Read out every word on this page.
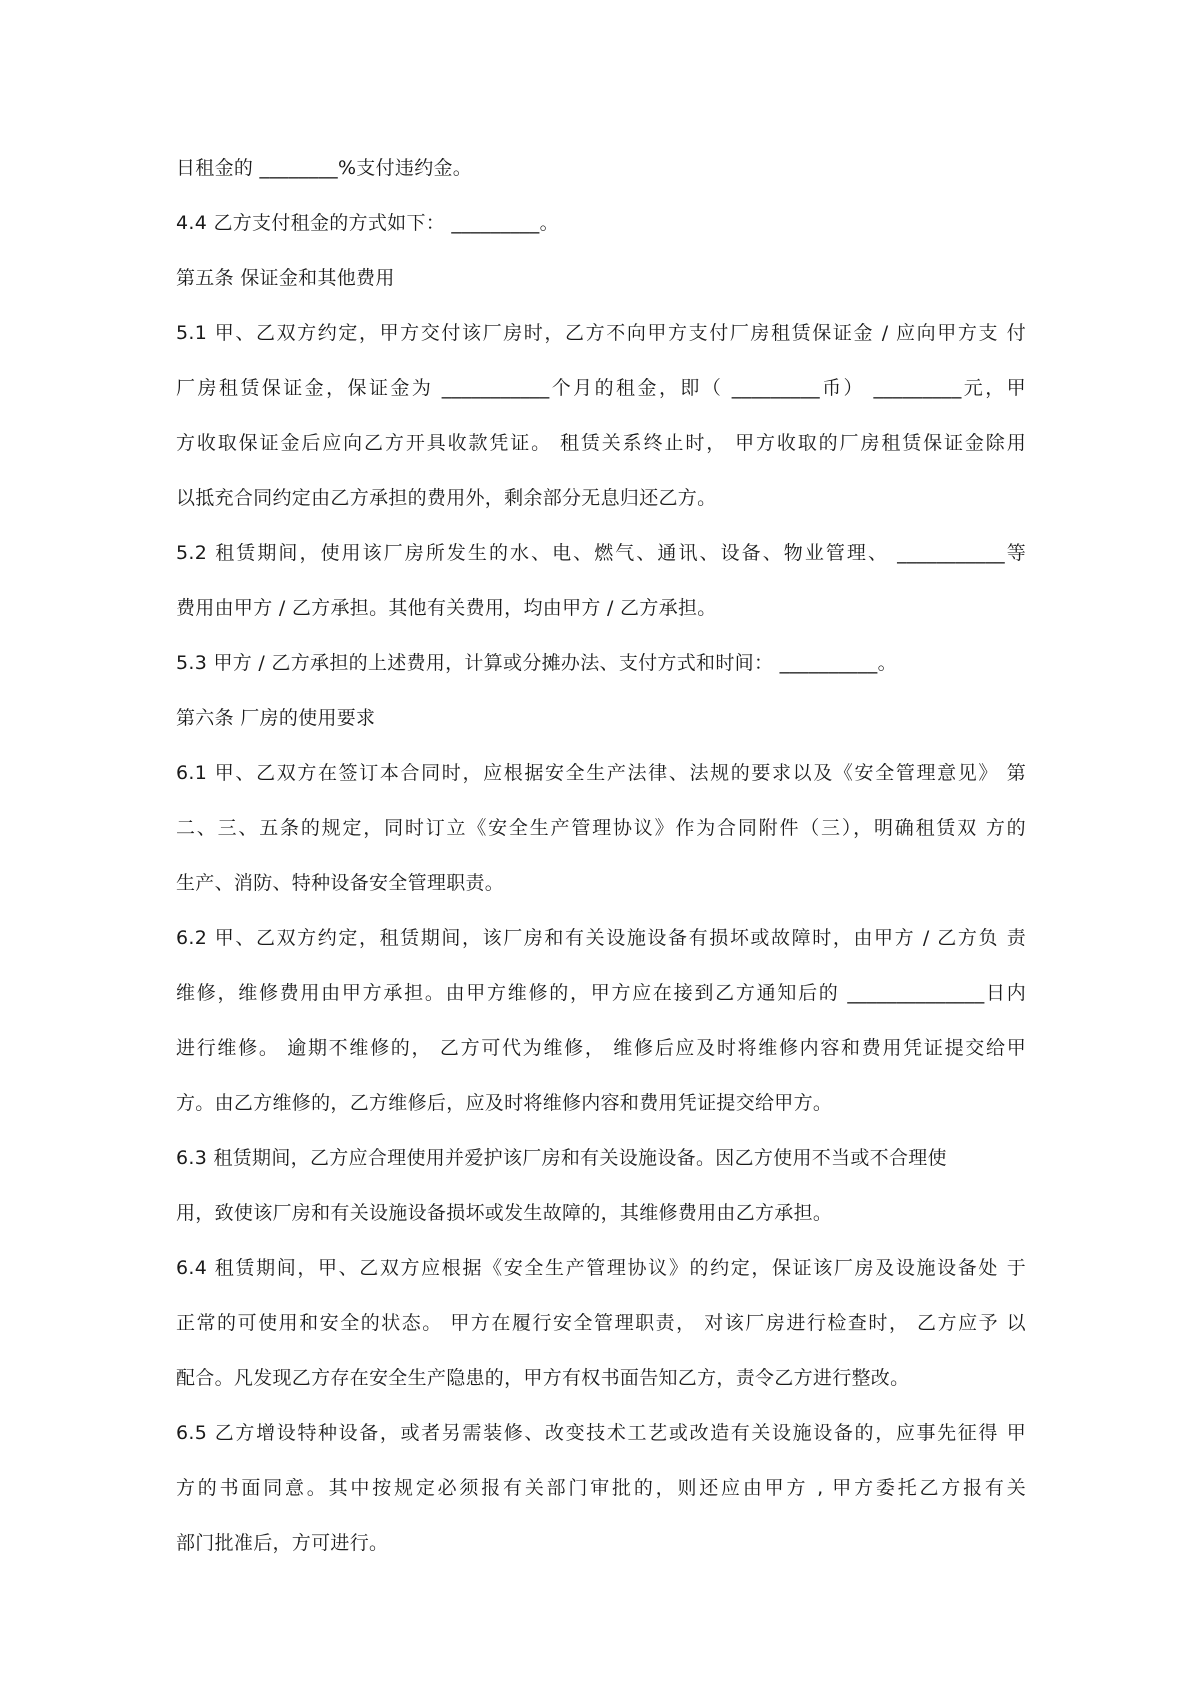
日租金的 ________%支付违约金。
4.4 乙方支付租金的方式如下： _________。
第五条 保证金和其他费用
5.1 甲、乙双方约定，甲方交付该厂房时，乙方不向甲方支付厂房租赁保证金 / 应向甲方支 付
厂房租赁保证金，保证金为 ___________个月的租金，即（ _________币） _________元，甲
方收取保证金后应向乙方开具收款凭证。 租赁关系终止时， 甲方收取的厂房租赁保证金除用
以抵充合同约定由乙方承担的费用外，剩余部分无息归还乙方。
5.2 租赁期间，使用该厂房所发生的水、电、燃气、通讯、设备、物业管理、 ___________等
费用由甲方 / 乙方承担。其他有关费用，均由甲方 / 乙方承担。
5.3 甲方 / 乙方承担的上述费用，计算或分摊办法、支付方式和时间： __________。
第六条 厂房的使用要求
6.1 甲、乙双方在签订本合同时，应根据安全生产法律、法规的要求以及《安全管理意见》 第
二、三、五条的规定，同时订立《安全生产管理协议》作为合同附件（三），明确租赁双 方的
生产、消防、特种设备安全管理职责。
6.2 甲、乙双方约定，租赁期间，该厂房和有关设施设备有损坏或故障时，由甲方 / 乙方负 责
维修，维修费用由甲方承担。由甲方维修的，甲方应在接到乙方通知后的 ______________日内
进行维修。 逾期不维修的， 乙方可代为维修， 维修后应及时将维修内容和费用凭证提交给甲
方。由乙方维修的，乙方维修后，应及时将维修内容和费用凭证提交给甲方。
6.3 租赁期间，乙方应合理使用并爱护该厂房和有关设施设备。因乙方使用不当或不合理使
用，致使该厂房和有关设施设备损坏或发生故障的，其维修费用由乙方承担。
6.4 租赁期间，甲、乙双方应根据《安全生产管理协议》的约定，保证该厂房及设施设备处 于
正常的可使用和安全的状态。 甲方在履行安全管理职责， 对该厂房进行检查时， 乙方应予 以
配合。凡发现乙方存在安全生产隐患的，甲方有权书面告知乙方，责令乙方进行整改。
6.5 乙方增设特种设备，或者另需装修、改变技术工艺或改造有关设施设备的，应事先征得 甲
方的书面同意。其中按规定必须报有关部门审批的，则还应由甲方 , 甲方委托乙方报有关
部门批准后，方可进行。
